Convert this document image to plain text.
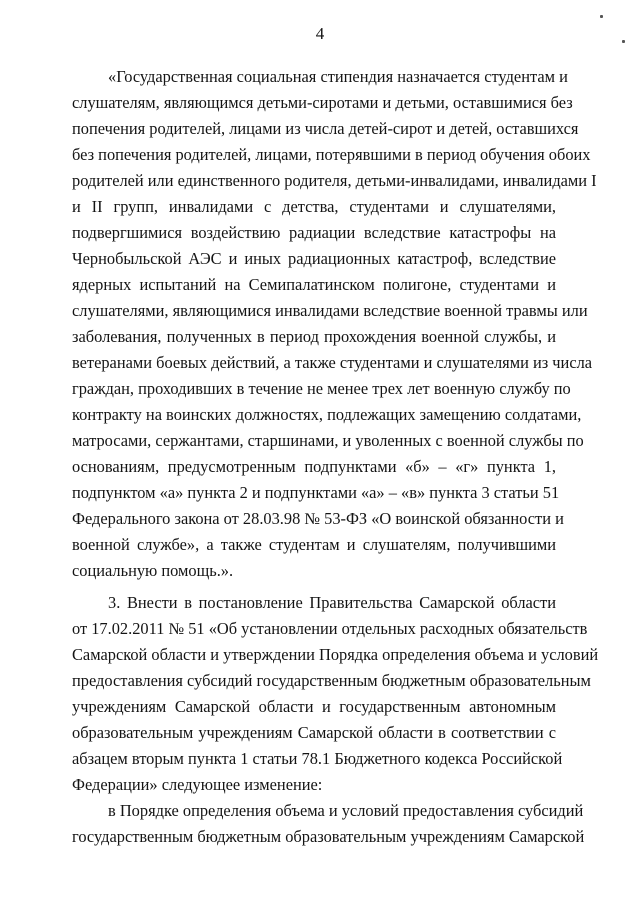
4
«Государственная социальная стипендия назначается студентам и
слушателям, являющимся детьми-сиротами и детьми, оставшимися без
попечения родителей, лицами из числа детей-сирот и детей, оставшихся
без попечения родителей, лицами, потерявшими в период обучения обоих
родителей или единственного родителя, детьми-инвалидами, инвалидами I
и II групп, инвалидами с детства, студентами и слушателями,
подвергшимися воздействию радиации вследствие катастрофы на
Чернобыльской АЭС и иных радиационных катастроф, вследствие
ядерных испытаний на Семипалатинском полигоне, студентами и
слушателями, являющимися инвалидами вследствие военной травмы или
заболевания, полученных в период прохождения военной службы, и
ветеранами боевых действий, а также студентами и слушателями из числа
граждан, проходивших в течение не менее трех лет военную службу по
контракту на воинских должностях, подлежащих замещению солдатами,
матросами, сержантами, старшинами, и уволенных с военной службы по
основаниям, предусмотренным подпунктами «б» – «г» пункта 1,
подпунктом «а» пункта 2 и подпунктами «а» – «в» пункта 3 статьи 51
Федерального закона от 28.03.98 № 53-ФЗ «О воинской обязанности и
военной службе», а также студентам и слушателям, получившими
социальную помощь.».
3. Внести в постановление Правительства Самарской области
от 17.02.2011 № 51 «Об установлении отдельных расходных обязательств
Самарской области и утверждении Порядка определения объема и условий
предоставления субсидий государственным бюджетным образовательным
учреждениям Самарской области и государственным автономным
образовательным учреждениям Самарской области в соответствии с
абзацем вторым пункта 1 статьи 78.1 Бюджетного кодекса Российской
Федерации» следующее изменение:
в Порядке определения объема и условий предоставления субсидий
государственным бюджетным образовательным учреждениям Самарской
